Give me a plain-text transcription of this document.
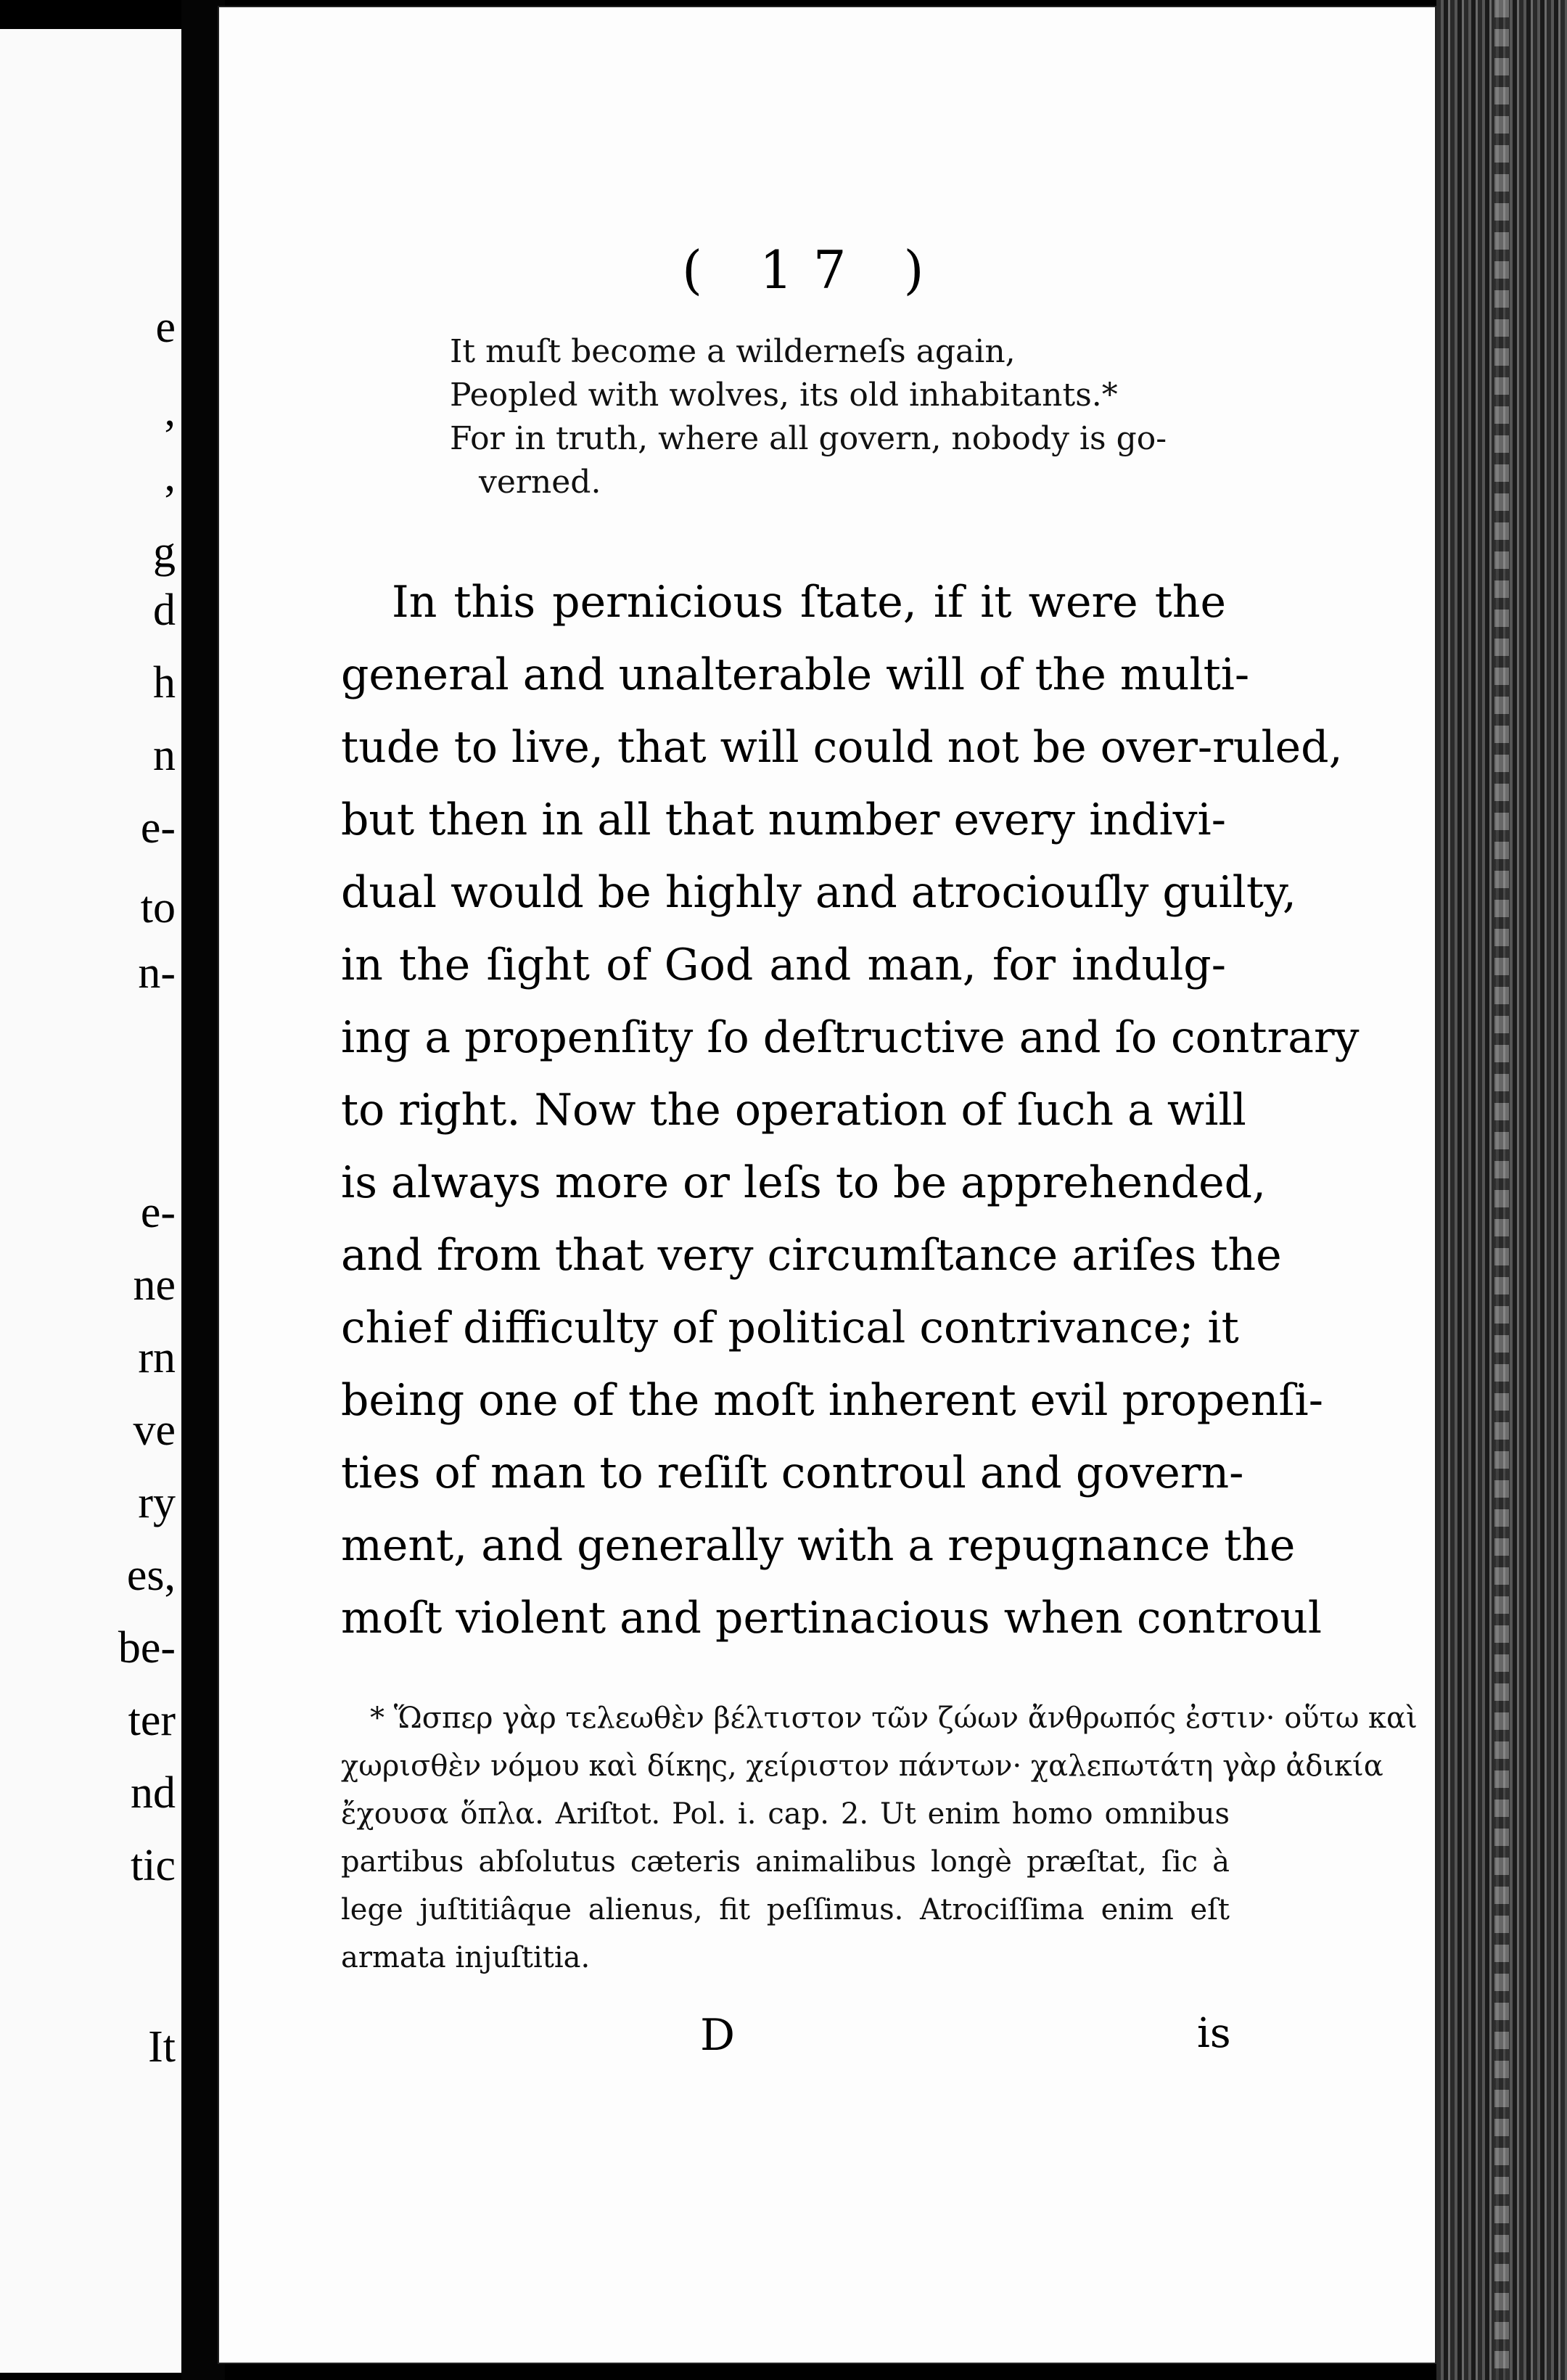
e
,
,
g
d
h
n
e-
to
n-
e-
ne
rn
ve
ry
es,
be-
ter
nd
tic
It
( 17 )
It muſt become a wilderneſs again,
Peopled with wolves, its old inhabitants.*
For in truth, where all govern, nobody is go-
verned.
In this pernicious ſtate, if it were the
general and unalterable will of the multi-
tude to live, that will could not be over-ruled,
but then in all that number every indivi-
dual would be highly and atrociouſly guilty,
in the ſight of God and man, for indulg-
ing a propenſity ſo deſtructive and ſo contrary
to right. Now the operation of ſuch a will
is always more or leſs to be apprehended,
and from that very circumſtance ariſes the
chief difficulty of political contrivance; it
being one of the moſt inherent evil propenſi-
ties of man to reſiſt controul and govern-
ment, and generally with a repugnance the
moſt violent and pertinacious when controul
* Ὥσπερ γὰρ τελεωθὲν βέλτιστον τῶν ζώων ἄνθρωπός ἐστιν· οὕτω καὶ
χωρισθὲν νόμου καὶ δίκης, χείριστον πάντων· χαλεπωτάτη γὰρ ἀδικία
ἔχουσα ὅπλα. Ariſtot. Pol. i. cap. 2. Ut enim homo omnibus
partibus abſolutus cæteris animalibus longè præſtat, ſic à
lege juſtitiâque alienus, fit peſſimus. Atrociſſima enim eſt
armata injuſtitia.
D	is
